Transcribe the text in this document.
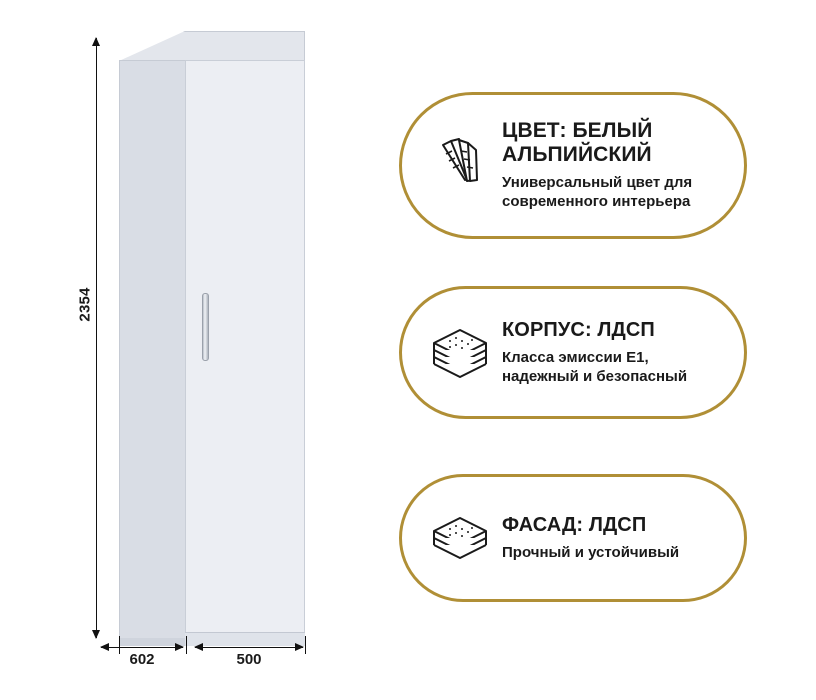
2354
602	500
ЦВЕТ: БЕЛЫЙ
АЛЬПИЙСКИЙ
Универсальный цвет для современного интерьера
КОРПУС: ЛДСП
Класса эмиссии E1, надежный и безопасный
ФАСАД: ЛДСП
Прочный и устойчивый
